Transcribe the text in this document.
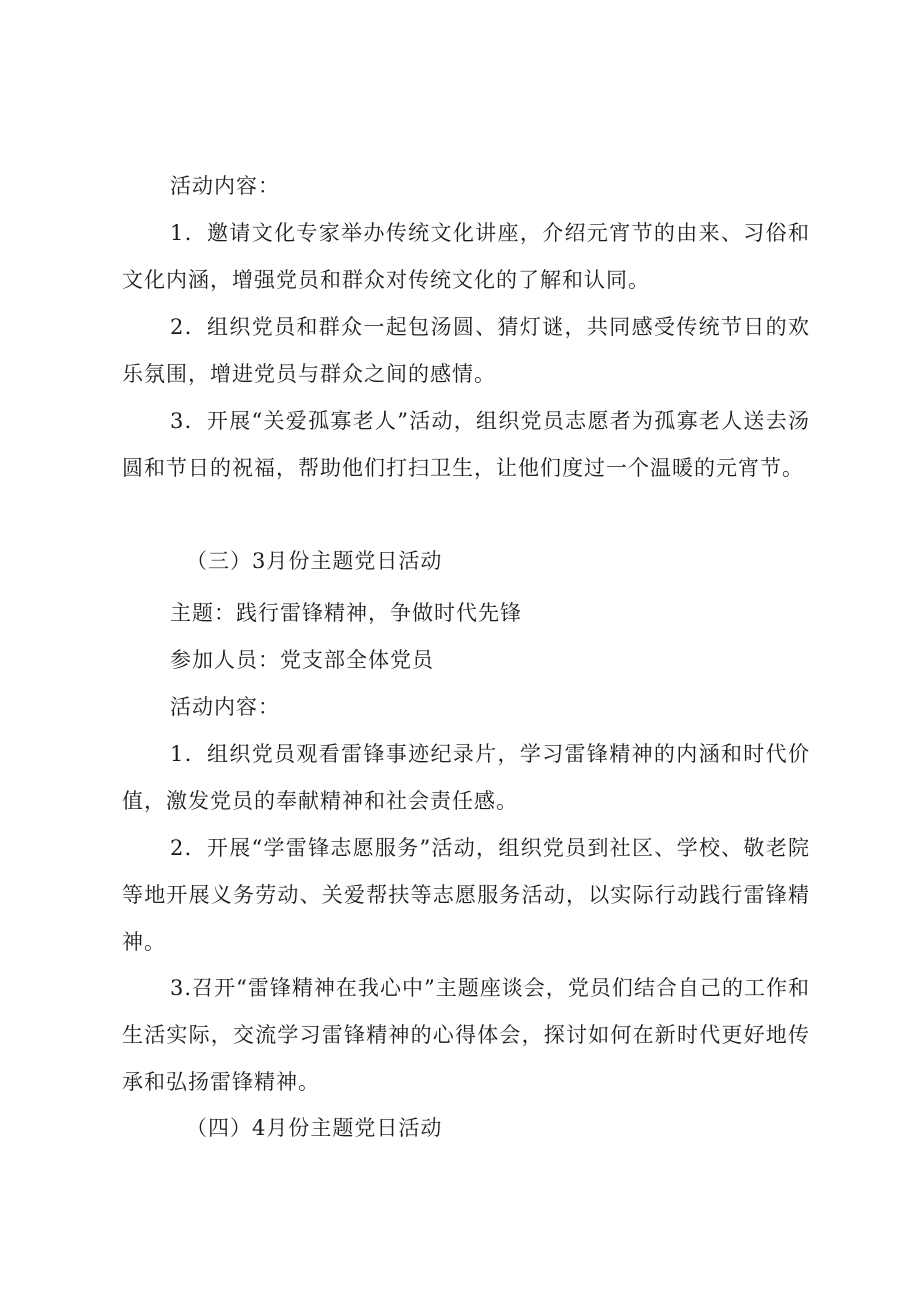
活动内容：

1．邀请文化专家举办传统文化讲座，介绍元宵节的由来、习俗和文化内涵，增强党员和群众对传统文化的了解和认同。

2．组织党员和群众一起包汤圆、猜灯谜，共同感受传统节日的欢乐氛围，增进党员与群众之间的感情。

3．开展“关爱孤寡老人”活动，组织党员志愿者为孤寡老人送去汤圆和节日的祝福，帮助他们打扫卫生，让他们度过一个温暖的元宵节。

（三）3月份主题党日活动

主题：践行雷锋精神，争做时代先锋

参加人员：党支部全体党员

活动内容：

1．组织党员观看雷锋事迹纪录片，学习雷锋精神的内涵和时代价值，激发党员的奉献精神和社会责任感。

2．开展“学雷锋志愿服务”活动，组织党员到社区、学校、敬老院等地开展义务劳动、关爱帮扶等志愿服务活动，以实际行动践行雷锋精神。

3.召开“雷锋精神在我心中”主题座谈会，党员们结合自己的工作和生活实际，交流学习雷锋精神的心得体会，探讨如何在新时代更好地传承和弘扬雷锋精神。

（四）4月份主题党日活动
